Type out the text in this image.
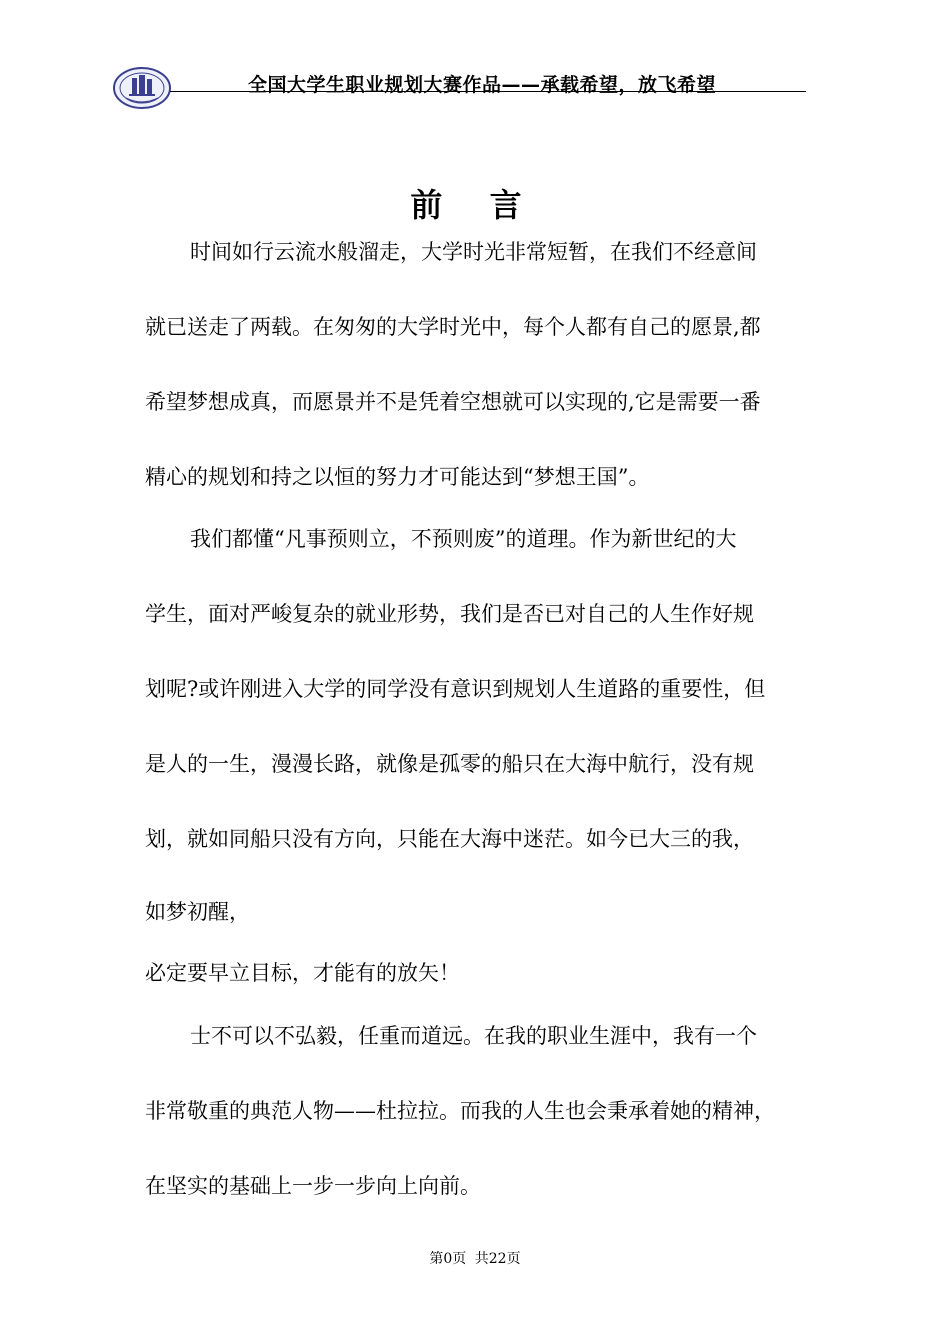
全国大学生职业规划大赛作品——承载希望，放飞希望
前 言
时间如行云流水般溜走，大学时光非常短暂，在我们不经意间
就已送走了两载。在匆匆的大学时光中，每个人都有自己的愿景,都
希望梦想成真，而愿景并不是凭着空想就可以实现的,它是需要一番
精心的规划和持之以恒的努力才可能达到“梦想王国”。
我们都懂“凡事预则立，不预则废”的道理。作为新世纪的大
学生，面对严峻复杂的就业形势，我们是否已对自己的人生作好规
划呢?或许刚进入大学的同学没有意识到规划人生道路的重要性，但
是人的一生，漫漫长路，就像是孤零的船只在大海中航行，没有规
划，就如同船只没有方向，只能在大海中迷茫。如今已大三的我，
如梦初醒，
必定要早立目标，才能有的放矢！
士不可以不弘毅，任重而道远。在我的职业生涯中，我有一个
非常敬重的典范人物——杜拉拉。而我的人生也会秉承着她的精神，
在坚实的基础上一步一步向上向前。
第0页 共22页
